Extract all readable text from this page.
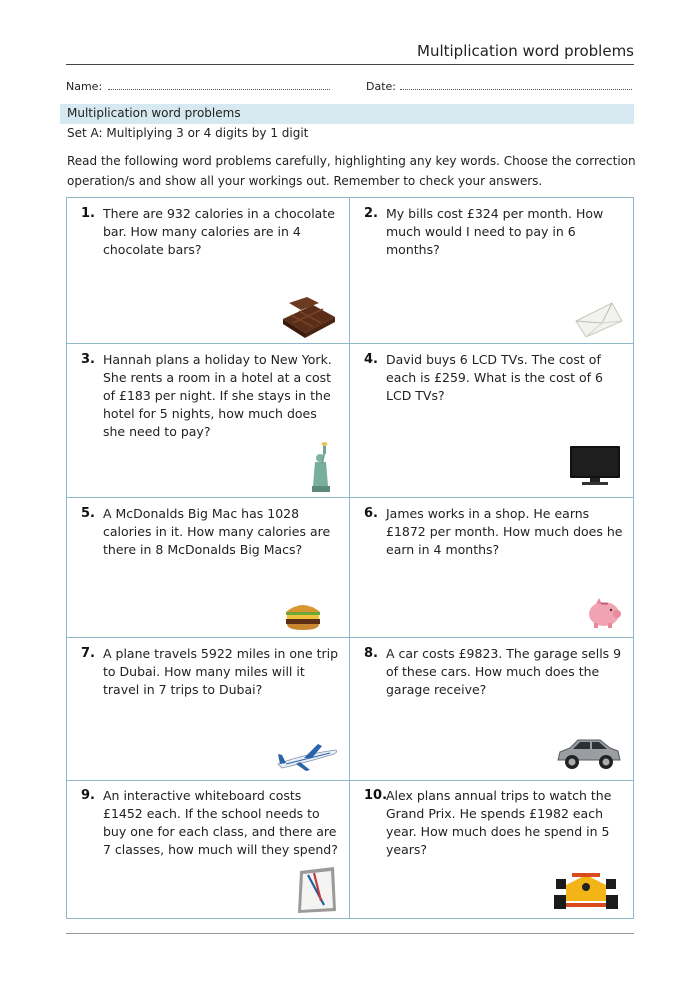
Multiplication word problems
Name:	Date:
Multiplication word problems
Set A: Multiplying 3 or 4 digits by 1 digit
Read the following word problems carefully, highlighting any key words. Choose the correction operation/s and show all your workings out. Remember to check your answers.
1. There are 932 calories in a chocolate bar. How many calories are in 4 chocolate bars?
2. My bills cost £324 per month. How much would I need to pay in 6 months?
3. Hannah plans a holiday to New York. She rents a room in a hotel at a cost of £183 per night. If she stays in the hotel for 5 nights, how much does she need to pay?
4. David buys 6 LCD TVs. The cost of each is £259. What is the cost of 6 LCD TVs?
5. A McDonalds Big Mac has 1028 calories in it. How many calories are there in 8 McDonalds Big Macs?
6. James works in a shop. He earns £1872 per month. How much does he earn in 4 months?
7. A plane travels 5922 miles in one trip to Dubai. How many miles will it travel in 7 trips to Dubai?
8. A car costs £9823. The garage sells 9 of these cars. How much does the garage receive?
9. An interactive whiteboard costs £1452 each. If the school needs to buy one for each class, and there are 7 classes, how much will they spend?
10.
Alex plans annual trips to watch the Grand Prix. He spends £1982 each year. How much does he spend in 5 years?
